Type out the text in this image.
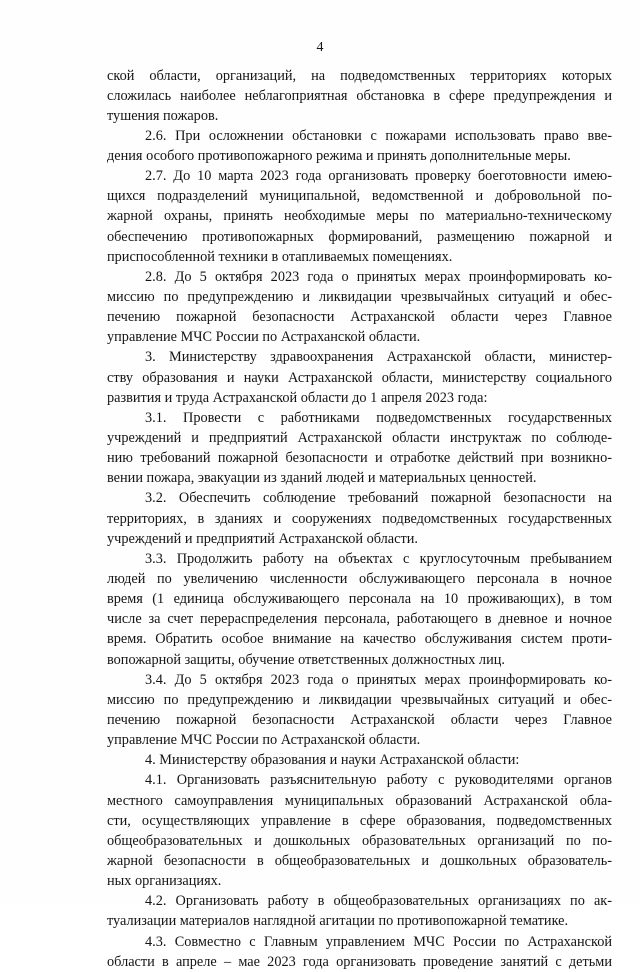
4
ской области, организаций, на подведомственных территориях которых
сложилась наиболее неблагоприятная обстановка в сфере предупреждения и
тушения пожаров.
2.6. При осложнении обстановки с пожарами использовать право вве-
дения особого противопожарного режима и принять дополнительные меры.
2.7. До 10 марта 2023 года организовать проверку боеготовности имею-
щихся подразделений муниципальной, ведомственной и добровольной по-
жарной охраны, принять необходимые меры по материально-техническому
обеспечению противопожарных формирований, размещению пожарной и
приспособленной техники в отапливаемых помещениях.
2.8. До 5 октября 2023 года о принятых мерах проинформировать ко-
миссию по предупреждению и ликвидации чрезвычайных ситуаций и обес-
печению пожарной безопасности Астраханской области через Главное
управление МЧС России по Астраханской области.
3. Министерству здравоохранения Астраханской области, министер-
ству образования и науки Астраханской области, министерству социального
развития и труда Астраханской области до 1 апреля 2023 года:
3.1. Провести с работниками подведомственных государственных
учреждений и предприятий Астраханской области инструктаж по соблюде-
нию требований пожарной безопасности и отработке действий при возникно-
вении пожара, эвакуации из зданий людей и материальных ценностей.
3.2. Обеспечить соблюдение требований пожарной безопасности на
территориях, в зданиях и сооружениях подведомственных государственных
учреждений и предприятий Астраханской области.
3.3. Продолжить работу на объектах с круглосуточным пребыванием
людей по увеличению численности обслуживающего персонала в ночное
время (1 единица обслуживающего персонала на 10 проживающих), в том
числе за счет перераспределения персонала, работающего в дневное и ночное
время. Обратить особое внимание на качество обслуживания систем проти-
вопожарной защиты, обучение ответственных должностных лиц.
3.4. До 5 октября 2023 года о принятых мерах проинформировать ко-
миссию по предупреждению и ликвидации чрезвычайных ситуаций и обес-
печению пожарной безопасности Астраханской области через Главное
управление МЧС России по Астраханской области.
4. Министерству образования и науки Астраханской области:
4.1. Организовать разъяснительную работу с руководителями органов
местного самоуправления муниципальных образований Астраханской обла-
сти, осуществляющих управление в сфере образования, подведомственных
общеобразовательных и дошкольных образовательных организаций по по-
жарной безопасности в общеобразовательных и дошкольных образователь-
ных организациях.
4.2. Организовать работу в общеобразовательных организациях по ак-
туализации материалов наглядной агитации по противопожарной тематике.
4.3. Совместно с Главным управлением МЧС России по Астраханской
области в апреле – мае 2023 года организовать проведение занятий с детьми
